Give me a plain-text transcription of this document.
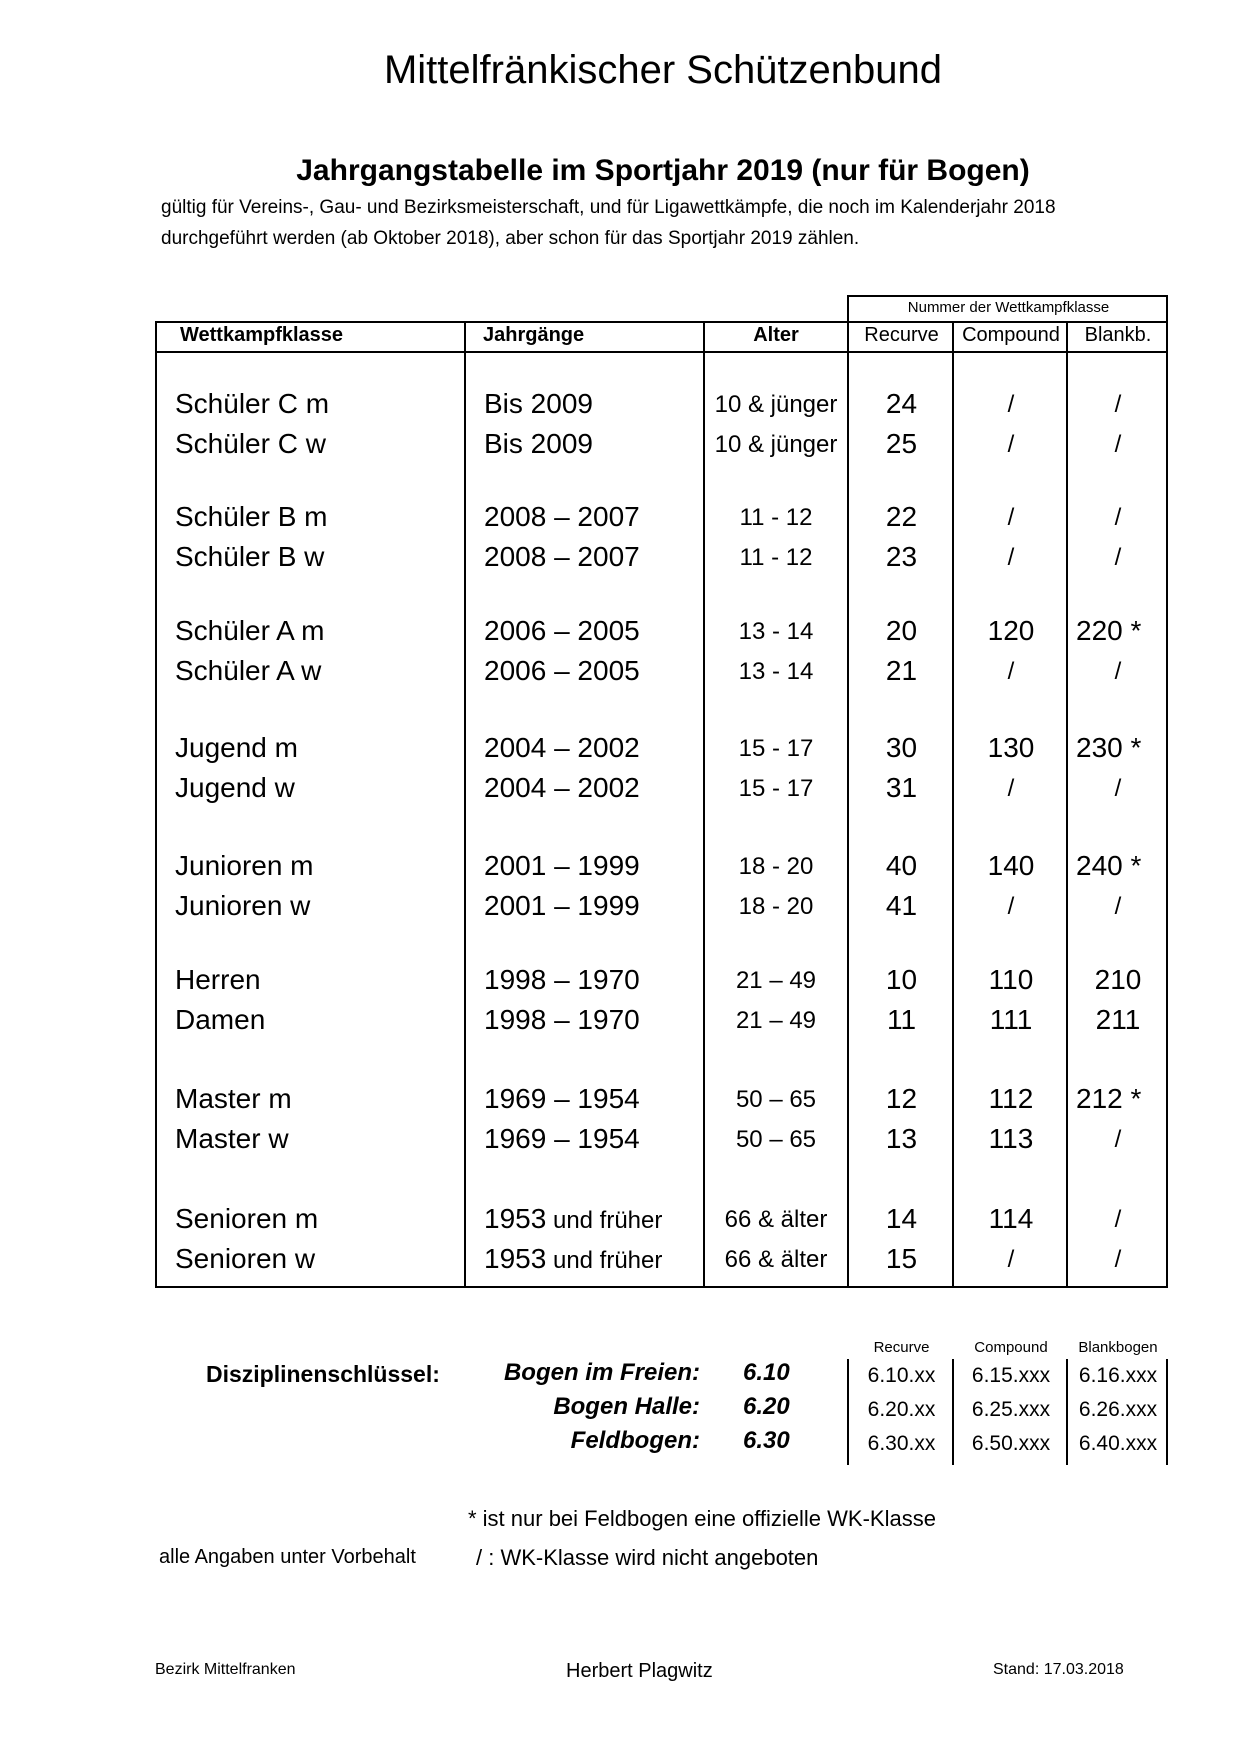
Mittelfränkischer Schützenbund
Jahrgangstabelle im Sportjahr 2019 (nur für Bogen)
gültig für Vereins-, Gau- und Bezirksmeisterschaft, und für Ligawettkämpfe, die noch im Kalenderjahr 2018
durchgeführt werden (ab Oktober 2018), aber schon für das Sportjahr 2019 zählen.
Nummer der Wettkampfklasse
Wettkampfklasse	Jahrgänge	Alter	Recurve	Compound	Blankb.
Schüler C m	Bis 2009	10 & jünger	24	/	/
Schüler C w	Bis 2009	10 & jünger	25	/	/
Schüler B m	2008 – 2007	11 - 12	22	/	/
Schüler B w	2008 – 2007	11 - 12	23	/	/
Schüler A m	2006 – 2005	13 - 14	20	120	220 *
Schüler A w	2006 – 2005	13 - 14	21	/	/
Jugend m	2004 – 2002	15 - 17	30	130	230 *
Jugend w	2004 – 2002	15 - 17	31	/	/
Junioren m	2001 – 1999	18 - 20	40	140	240 *
Junioren w	2001 – 1999	18 - 20	41	/	/
Herren	1998 – 1970	21 – 49	10	110	210
Damen	1998 – 1970	21 – 49	11	111	211
Master m	1969 – 1954	50 – 65	12	112	212 *
Master w	1969 – 1954	50 – 65	13	113	/
Senioren m	1953 und früher	66 & älter	14	114	/
Senioren w	1953 und früher	66 & älter	15	/	/
Recurve	Compound	Blankbogen
Disziplinenschlüssel:	Bogen im Freien: 6.10	6.10.xx	6.15.xxx	6.16.xxx
Bogen Halle: 6.20	6.20.xx	6.25.xxx	6.26.xxx
Feldbogen: 6.30	6.30.xx	6.50.xxx	6.40.xxx
* ist nur bei Feldbogen eine offizielle WK-Klasse
alle Angaben unter Vorbehalt	/ : WK-Klasse wird nicht angeboten
Bezirk Mittelfranken	Herbert Plagwitz	Stand: 17.03.2018
